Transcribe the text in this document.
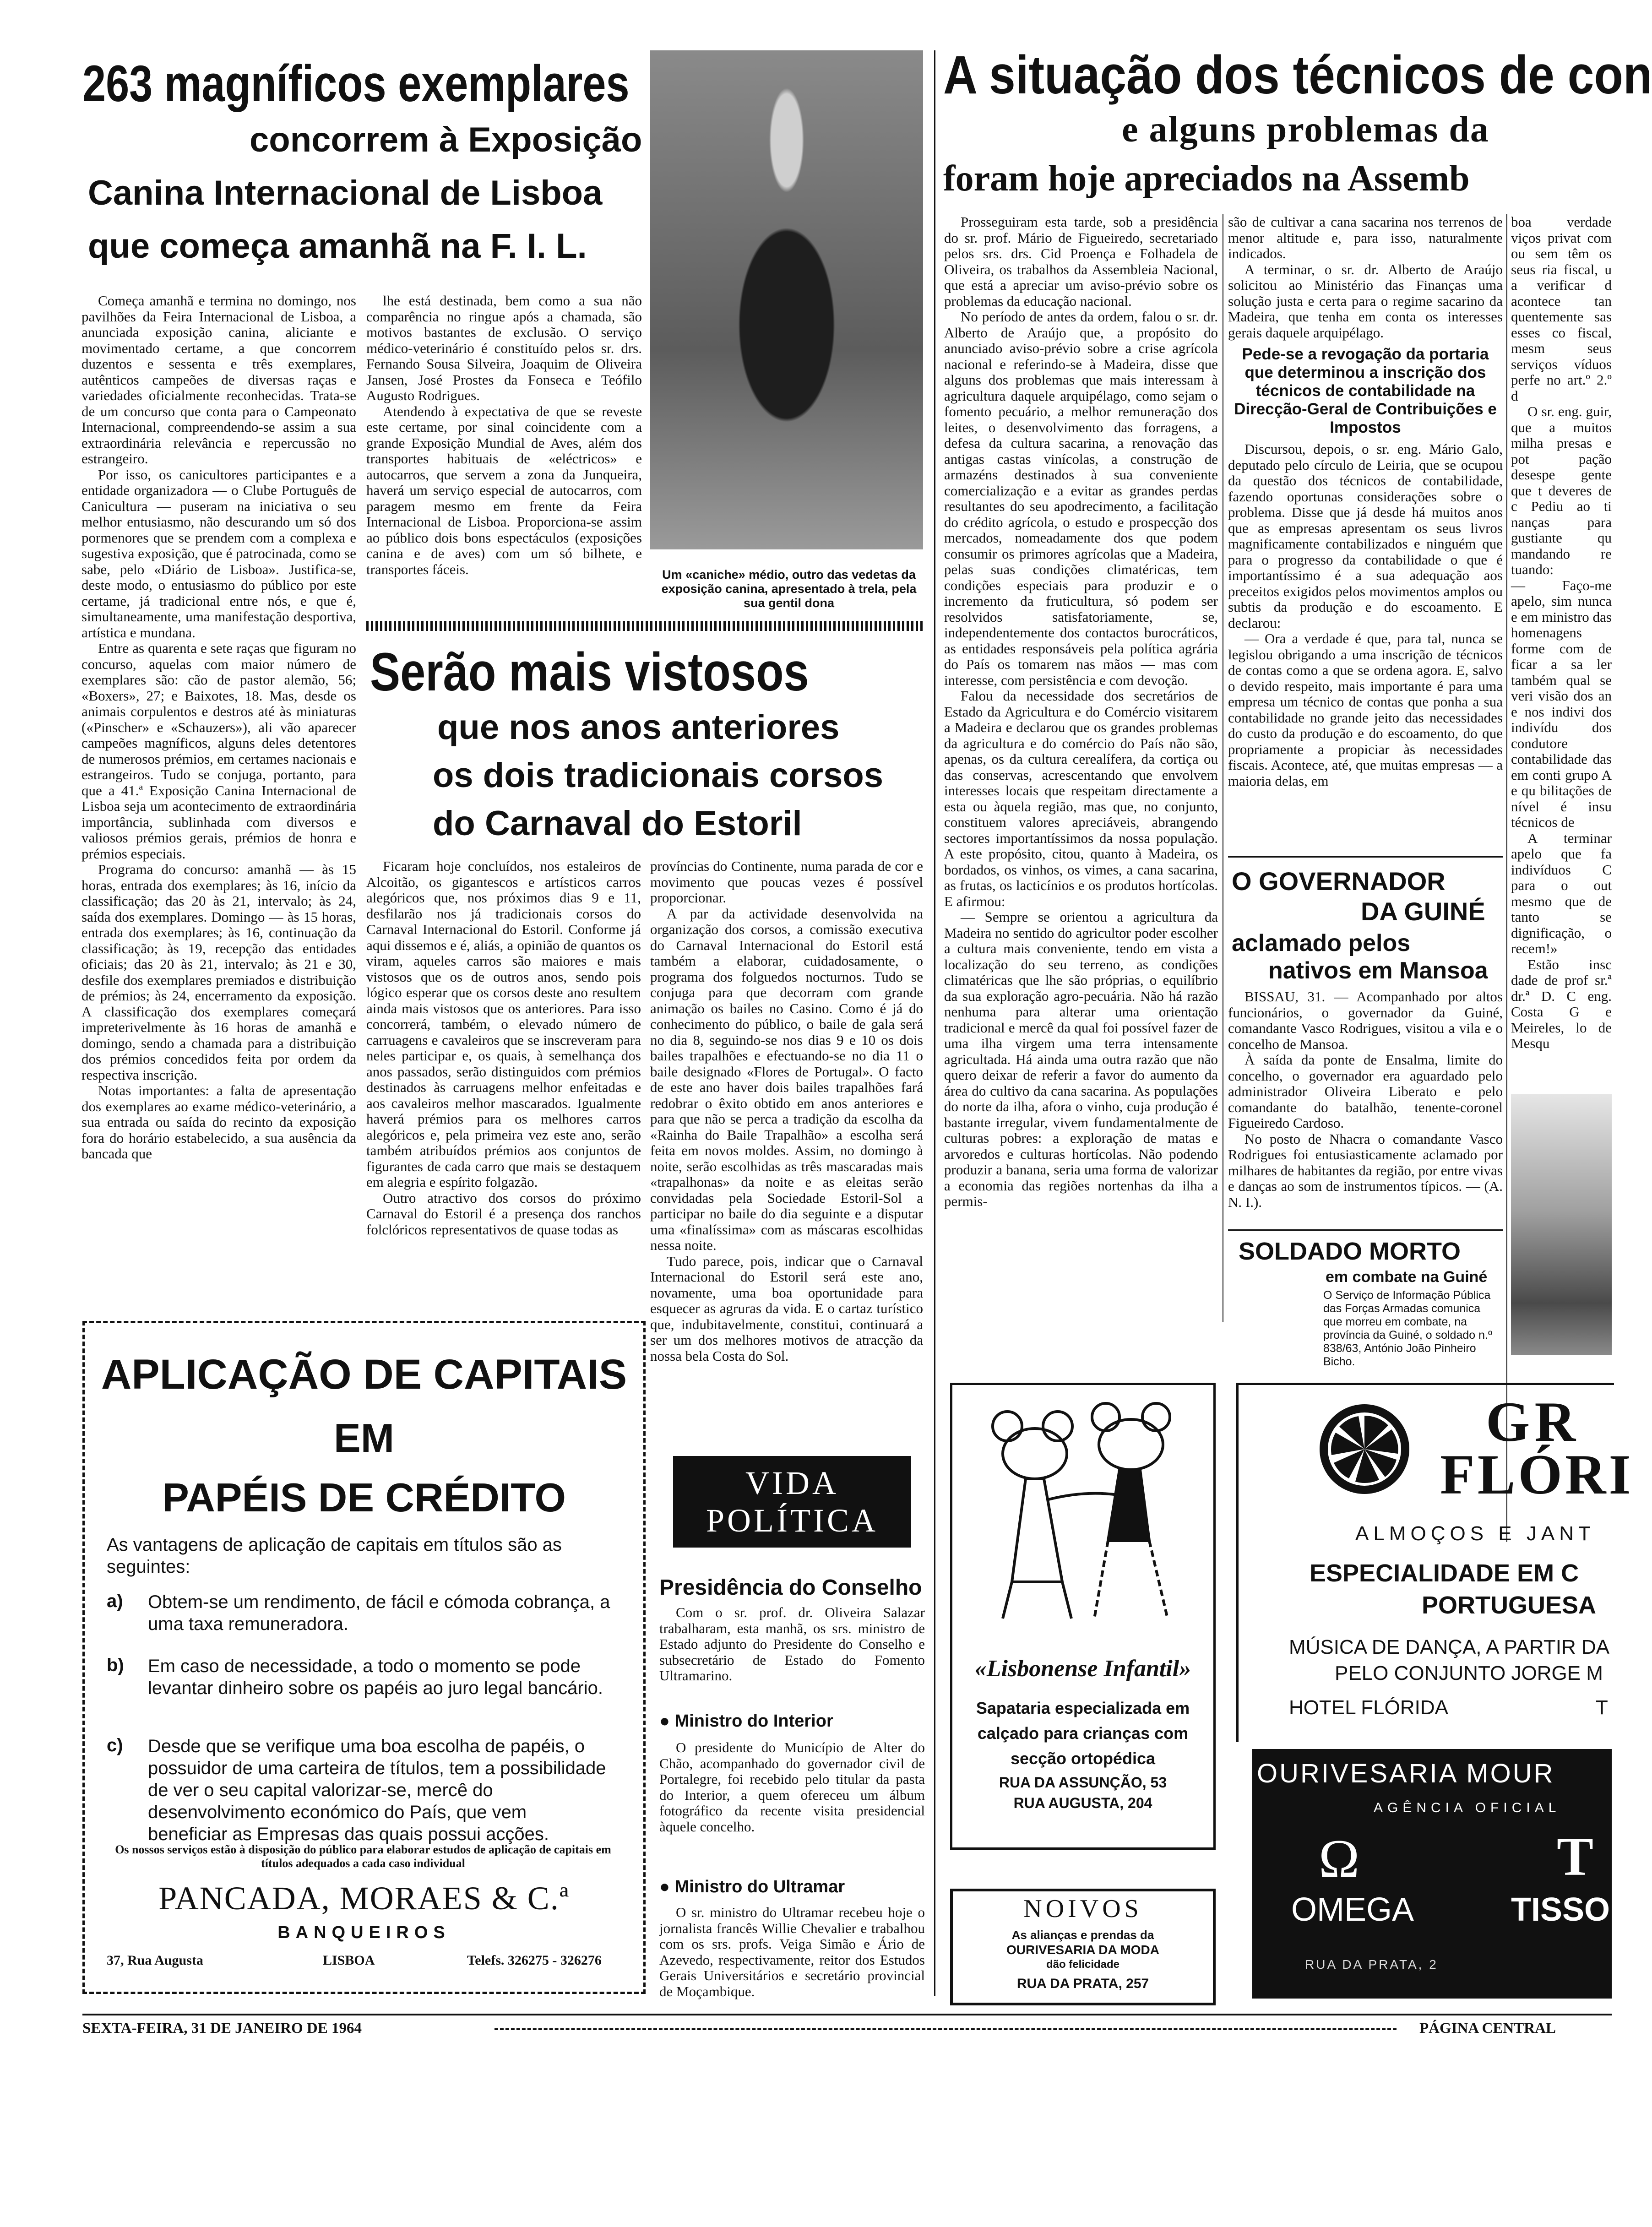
263 magníficos exemplares
concorrem à Exposição
Canina Internacional de Lisboa
que começa amanhã na F. I. L.

Começa amanhã e termina no domingo, nos pavilhões da Feira Internacional de Lisboa, a anunciada exposição canina, aliciante e movimentado certame, a que concorrem duzentos e sessenta e três exemplares, autênticos campeões de diversas raças e variedades oficialmente reconhecidas. Trata-se de um concurso que conta para o Campeonato Internacional, compreendendo-se assim a sua extraordinária relevância e repercussão no estrangeiro.

Por isso, os canicultores participantes e a entidade organizadora — o Clube Português de Canicultura — puseram na iniciativa o seu melhor entusiasmo, não descurando um só dos pormenores que se prendem com a complexa e sugestiva exposição, que é patrocinada, como se sabe, pelo «Diário de Lisboa». Justifica-se, deste modo, o entusiasmo do público por este certame, já tradicional entre nós, e que é, simultaneamente, uma manifestação desportiva, artística e mundana.

Entre as quarenta e sete raças que figuram no concurso, aquelas com maior número de exemplares são: cão de pastor alemão, 56; «Boxers», 27; e Baixotes, 18. Mas, desde os animais corpulentos e destros até às miniaturas («Pinscher» e «Schauzers»), ali vão aparecer campeões magníficos, alguns deles detentores de numerosos prémios, em certames nacionais e estrangeiros. Tudo se conjuga, portanto, para que a 41.ª Exposição Canina Internacional de Lisboa seja um acontecimento de extraordinária importância, sublinhada com diversos e valiosos prémios gerais, prémios de honra e prémios especiais.

Programa do concurso: amanhã — às 15 horas, entrada dos exemplares; às 16, início da classificação; das 20 às 21, intervalo; às 24, saída dos exemplares. Domingo — às 15 horas, entrada dos exemplares; às 16, continuação da classificação; às 19, recepção das entidades oficiais; das 20 às 21, intervalo; às 21 e 30, desfile dos exemplares premiados e distribuição de prémios; às 24, encerramento da exposição. A classificação dos exemplares começará impreterivelmente às 16 horas de amanhã e domingo, sendo a chamada para a distribuição dos prémios concedidos feita por ordem da respectiva inscrição.

Notas importantes: a falta de apresentação dos exemplares ao exame médico-veterinário, a sua entrada ou saída do recinto da exposição fora do horário estabelecido, a sua ausência da bancada que

lhe está destinada, bem como a sua não comparência no ringue após a chamada, são motivos bastantes de exclusão. O serviço médico-veterinário é constituído pelos sr. drs. Fernando Sousa Silveira, Joaquim de Oliveira Jansen, José Prostes da Fonseca e Teófilo Augusto Rodrigues.

Atendendo à expectativa de que se reveste este certame, por sinal coincidente com a grande Exposição Mundial de Aves, além dos transportes habituais de «eléctricos» e autocarros, que servem a zona da Junqueira, haverá um serviço especial de autocarros, com paragem mesmo em frente da Feira Internacional de Lisboa. Proporciona-se assim ao público dois bons espectáculos (exposições canina e de aves) com um só bilhete, e transportes fáceis.	Um «caniche» médio, outro das vedetas da exposição canina, apresentado à trela, pela sua gentil dona
Serão mais vistosos
que nos anos anteriores
os dois tradicionais corsos
do Carnaval do Estoril

Ficaram hoje concluídos, nos estaleiros de Alcoitão, os gigantescos e artísticos carros alegóricos que, nos próximos dias 9 e 11, desfilarão nos já tradicionais corsos do Carnaval Internacional do Estoril. Conforme já aqui dissemos e é, aliás, a opinião de quantos os viram, aqueles carros são maiores e mais vistosos que os de outros anos, sendo pois lógico esperar que os corsos deste ano resultem ainda mais vistosos que os anteriores. Para isso concorrerá, também, o elevado número de carruagens e cavaleiros que se inscreveram para neles participar e, os quais, à semelhança dos anos passados, serão distinguidos com prémios destinados às carruagens melhor enfeitadas e aos cavaleiros melhor mascarados. Igualmente haverá prémios para os melhores carros alegóricos e, pela primeira vez este ano, serão também atribuídos prémios aos conjuntos de figurantes de cada carro que mais se destaquem em alegria e espírito folgazão.

Outro atractivo dos corsos do próximo Carnaval do Estoril é a presença dos ranchos folclóricos representativos de quase todas as

províncias do Continente, numa parada de cor e movimento que poucas vezes é possível proporcionar.

A par da actividade desenvolvida na organização dos corsos, a comissão executiva do Carnaval Internacional do Estoril está também a elaborar, cuidadosamente, o programa dos folguedos nocturnos. Tudo se conjuga para que decorram com grande animação os bailes no Casino. Como é já do conhecimento do público, o baile de gala será no dia 8, seguindo-se nos dias 9 e 10 os dois bailes trapalhões e efectuando-se no dia 11 o baile designado «Flores de Portugal». O facto de este ano haver dois bailes trapalhões fará redobrar o êxito obtido em anos anteriores e para que não se perca a tradição da escolha da «Rainha do Baile Trapalhão» a escolha será feita em novos moldes. Assim, no domingo à noite, serão escolhidas as três mascaradas mais «trapalhonas» da noite e as eleitas serão convidadas pela Sociedade Estoril-Sol a participar no baile do dia seguinte e a disputar uma «finalíssima» com as máscaras escolhidas nessa noite.

Tudo parece, pois, indicar que o Carnaval Internacional do Estoril será este ano, novamente, uma boa oportunidade para esquecer as agruras da vida. E o cartaz turístico que, indubitavelmente, constitui, continuará a ser um dos melhores motivos de atracção da nossa bela Costa do Sol.

A situação dos técnicos de con
e alguns problemas da
foram hoje apreciados na Assemb

Prosseguiram esta tarde, sob a presidência do sr. prof. Mário de Figueiredo, secretariado pelos srs. drs. Cid Proença e Folhadela de Oliveira, os trabalhos da Assembleia Nacional, que está a apreciar um aviso-prévio sobre os problemas da educação nacional.

No período de antes da ordem, falou o sr. dr. Alberto de Araújo que, a propósito do anunciado aviso-prévio sobre a crise agrícola nacional e referindo-se à Madeira, disse que alguns dos problemas que mais interessam à agricultura daquele arquipélago, como sejam o fomento pecuário, a melhor remuneração dos leites, o desenvolvimento das forragens, a defesa da cultura sacarina, a renovação das antigas castas vinícolas, a construção de armazéns destinados à sua conveniente comercialização e a evitar as grandes perdas resultantes do seu apodrecimento, a facilitação do crédito agrícola, o estudo e prospecção dos mercados, nomeadamente dos que podem consumir os primores agrícolas que a Madeira, pelas suas condições climatéricas, tem condições especiais para produzir e o incremento da fruticultura, só podem ser resolvidos satisfatoriamente, se, independentemente dos contactos burocráticos, as entidades responsáveis pela política agrária do País os tomarem nas mãos — mas com interesse, com persistência e com devoção.

Falou da necessidade dos secretários de Estado da Agricultura e do Comércio visitarem a Madeira e declarou que os grandes problemas da agricultura e do comércio do País não são, apenas, os da cultura cerealífera, da cortiça ou das conservas, acrescentando que envolvem interesses locais que respeitam directamente a esta ou àquela região, mas que, no conjunto, constituem valores apreciáveis, abrangendo sectores importantíssimos da nossa população. A este propósito, citou, quanto à Madeira, os bordados, os vinhos, os vimes, a cana sacarina, as frutas, os lacticínios e os produtos hortícolas. E afirmou:

— Sempre se orientou a agricultura da Madeira no sentido do agricultor poder escolher a cultura mais conveniente, tendo em vista a localização do seu terreno, as condições climatéricas que lhe são próprias, o equilíbrio da sua exploração agro-pecuária. Não há razão nenhuma para alterar uma orientação tradicional e mercê da qual foi possível fazer de uma ilha virgem uma terra intensamente agricultada. Há ainda uma outra razão que não quero deixar de referir a favor do aumento da área do cultivo da cana sacarina. As populações do norte da ilha, afora o vinho, cuja produção é bastante irregular, vivem fundamentalmente de culturas pobres: a exploração de matas e arvoredos e culturas hortícolas. Não podendo produzir a banana, seria uma forma de valorizar a economia das regiões nortenhas da ilha a permis-

são de cultivar a cana sacarina nos terrenos de menor altitude e, para isso, naturalmente indicados.

A terminar, o sr. dr. Alberto de Araújo solicitou ao Ministério das Finanças uma solução justa e certa para o regime sacarino da Madeira, que tenha em conta os interesses gerais daquele arquipélago.

Pede-se a revogação da portaria que determinou a inscrição dos técnicos de contabilidade na Direcção-Geral de Contribuições e Impostos

Discursou, depois, o sr. eng. Mário Galo, deputado pelo círculo de Leiria, que se ocupou da questão dos técnicos de contabilidade, fazendo oportunas considerações sobre o problema. Disse que já desde há muitos anos que as empresas apresentam os seus livros magnificamente contabilizados e ninguém que para o progresso da contabilidade o que é importantíssimo é a sua adequação aos preceitos exigidos pelos movimentos amplos ou subtis da produção e do escoamento. E declarou:

— Ora a verdade é que, para tal, nunca se legislou obrigando a uma inscrição de técnicos de contas como a que se ordena agora. E, salvo o devido respeito, mais importante é para uma empresa um técnico de contas que ponha a sua contabilidade no grande jeito das necessidades do custo da produção e do escoamento, do que propriamente a propiciar às necessidades fiscais. Acontece, até, que muitas empresas — a maioria delas, em

boa verdade viços privat com ou sem têm os seus ria fiscal, u a verificar d acontece tan quentemente sas esses co fiscal, mesm seus serviços víduos perfe no art.º 2.º d

O sr. eng. guir, que a muitos milha presas e pot pação desespe gente que t deveres de c Pediu ao ti nanças para gustiante qu mandando re tuando:

— Faço-me apelo, sim nunca e em ministro das homenagens forme com de ficar a sa ler também qual se veri visão dos an e nos indivi dos indivídu dos condutore contabilidade das em conti grupo A e qu bilitações de nível é insu técnicos de

A terminar apelo que fa indivíduos C para o out mesmo que de tanto se dignificação, o recem!»

Estão insc dade de prof sr.ª dr.ª D. C eng. Costa G e Meireles, lo de Mesqu

O GOVERNADOR
DA GUINÉ
aclamado pelos
nativos em Mansoa

BISSAU, 31. — Acompanhado por altos funcionários, o governador da Guiné, comandante Vasco Rodrigues, visitou a vila e o concelho de Mansoa.

À saída da ponte de Ensalma, limite do concelho, o governador era aguardado pelo administrador Oliveira Liberato e pelo comandante do batalhão, tenente-coronel Figueiredo Cardoso.

No posto de Nhacra o comandante Vasco Rodrigues foi entusiasticamente aclamado por milhares de habitantes da região, por entre vivas e danças ao som de instrumentos típicos. — (A. N. I.).

SOLDADO MORTO
em combate na Guiné
O Serviço de Informação Pública das Forças Armadas comunica que morreu em combate, na província da Guiné, o soldado n.º 838/63, António João Pinheiro Bicho.
APLICAÇÃO DE CAPITAIS
EM
PAPÉIS DE CRÉDITO
As vantagens de aplicação de capitais em títulos são as seguintes:
a) Obtem-se um rendimento, de fácil e cómoda cobrança, a uma taxa remuneradora.
b) Em caso de necessidade, a todo o momento se pode levantar dinheiro sobre os papéis ao juro legal bancário.
c) Desde que se verifique uma boa escolha de papéis, o possuidor de uma carteira de títulos, tem a possibilidade de ver o seu capital valorizar-se, mercê do desenvolvimento económico do País, que vem beneficiar as Empresas das quais possui acções.
Os nossos serviços estão à disposição do público para elaborar estudos de aplicação de capitais em títulos adequados a cada caso individual
PANCADA, MORAES & C.ª
BANQUEIROS
37, Rua Augusta	LISBOA	Telefs. 326275 - 326276
VIDA
POLÍTICA
Presidência do Conselho

Com o sr. prof. dr. Oliveira Salazar trabalharam, esta manhã, os srs. ministro de Estado adjunto do Presidente do Conselho e subsecretário de Estado do Fomento Ultramarino.

● Ministro do Interior

O presidente do Município de Alter do Chão, acompanhado do governador civil de Portalegre, foi recebido pelo titular da pasta do Interior, a quem ofereceu um álbum fotográfico da recente visita presidencial àquele concelho.

● Ministro do Ultramar

O sr. ministro do Ultramar recebeu hoje o jornalista francês Willie Chevalier e trabalhou com os srs. profs. Veiga Simão e Ário de Azevedo, respectivamente, reitor dos Estudos Gerais Universitários e secretário provincial de Moçambique.

«Lisbonense Infantil»
Sapataria especializada em
calçado para crianças com
secção ortopédica
RUA DA ASSUNÇÃO, 53
RUA AUGUSTA, 204
NOIVOS
As alianças e prendas da
OURIVESARIA DA MODA
dão felicidade
RUA DA PRATA, 257
GR
FLÓRI
ALMOÇOS E JANT
ESPECIALIDADE EM C
PORTUGUESA
MÚSICA DE DANÇA, A PARTIR DA
PELO CONJUNTO JORGE M
HOTEL FLÓRIDA	T
OURIVESARIA MOUR
AGÊNCIA OFICIAL
Ω
OMEGA
T
TISSO
RUA DA PRATA, 2
SEXTA-FEIRA, 31 DE JANEIRO DE 1964	PÁGINA CENTRAL
